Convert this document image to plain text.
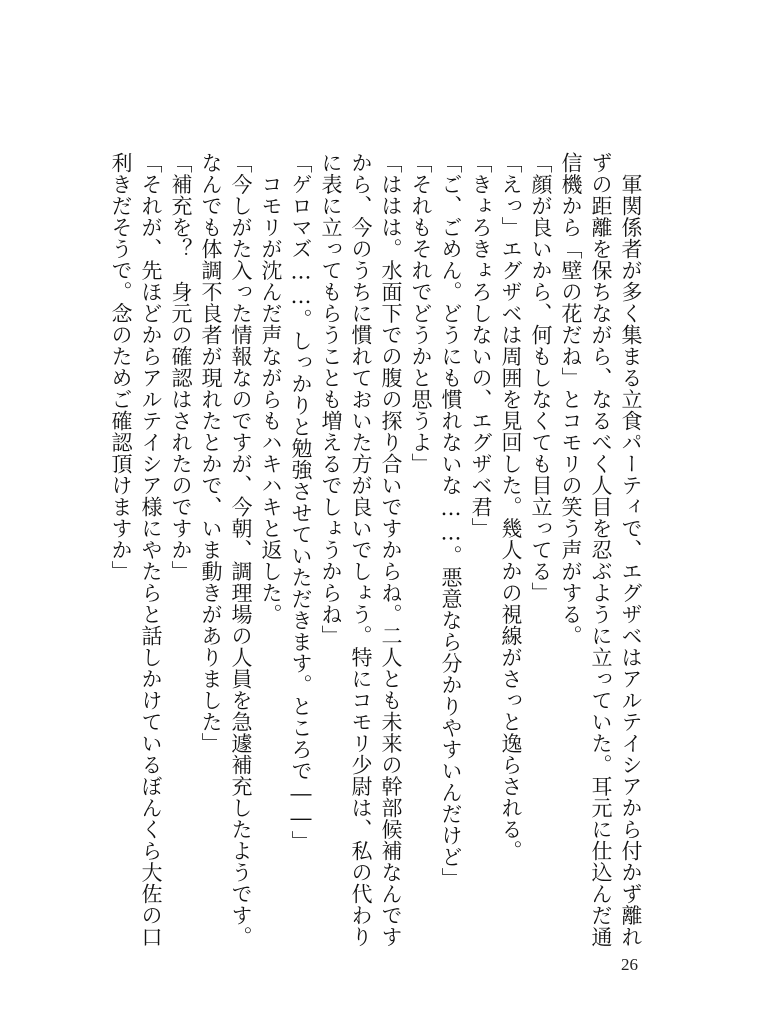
　軍関係者が多く集まる立食パーティで、エグザベはアルテイシアから付かず離れ
ずの距離を保ちながら、なるべく人目を忍ぶように立っていた。耳元に仕込んだ通
信機から「壁の花だね」とコモリの笑う声がする。
「顔が良いから、何もしなくても目立ってる」
「えっ」エグザベは周囲を見回した。幾人かの視線がさっと逸らされる。
「きょろきょろしないの、エグザベ君」
「ご、ごめん。どうにも慣れないな……。悪意なら分かりやすいんだけど」
「それもそれでどうかと思うよ」
「ははは。水面下での腹の探り合いですからね。二人とも未来の幹部候補なんです
から、今のうちに慣れておいた方が良いでしょう。特にコモリ少尉は、私の代わり
に表に立ってもらうことも増えるでしょうからね」
「ゲロマズ……。しっかりと勉強させていただきます。ところで――」
　コモリが沈んだ声ながらもハキハキと返した。
「今しがた入った情報なのですが、今朝、調理場の人員を急遽補充したようです。
なんでも体調不良者が現れたとかで、いま動きがありました」
「補充を？　身元の確認はされたのですか」
「それが、先ほどからアルテイシア様にやたらと話しかけているぼんくら大佐の口
利きだそうで。念のためご確認頂けますか」
26
